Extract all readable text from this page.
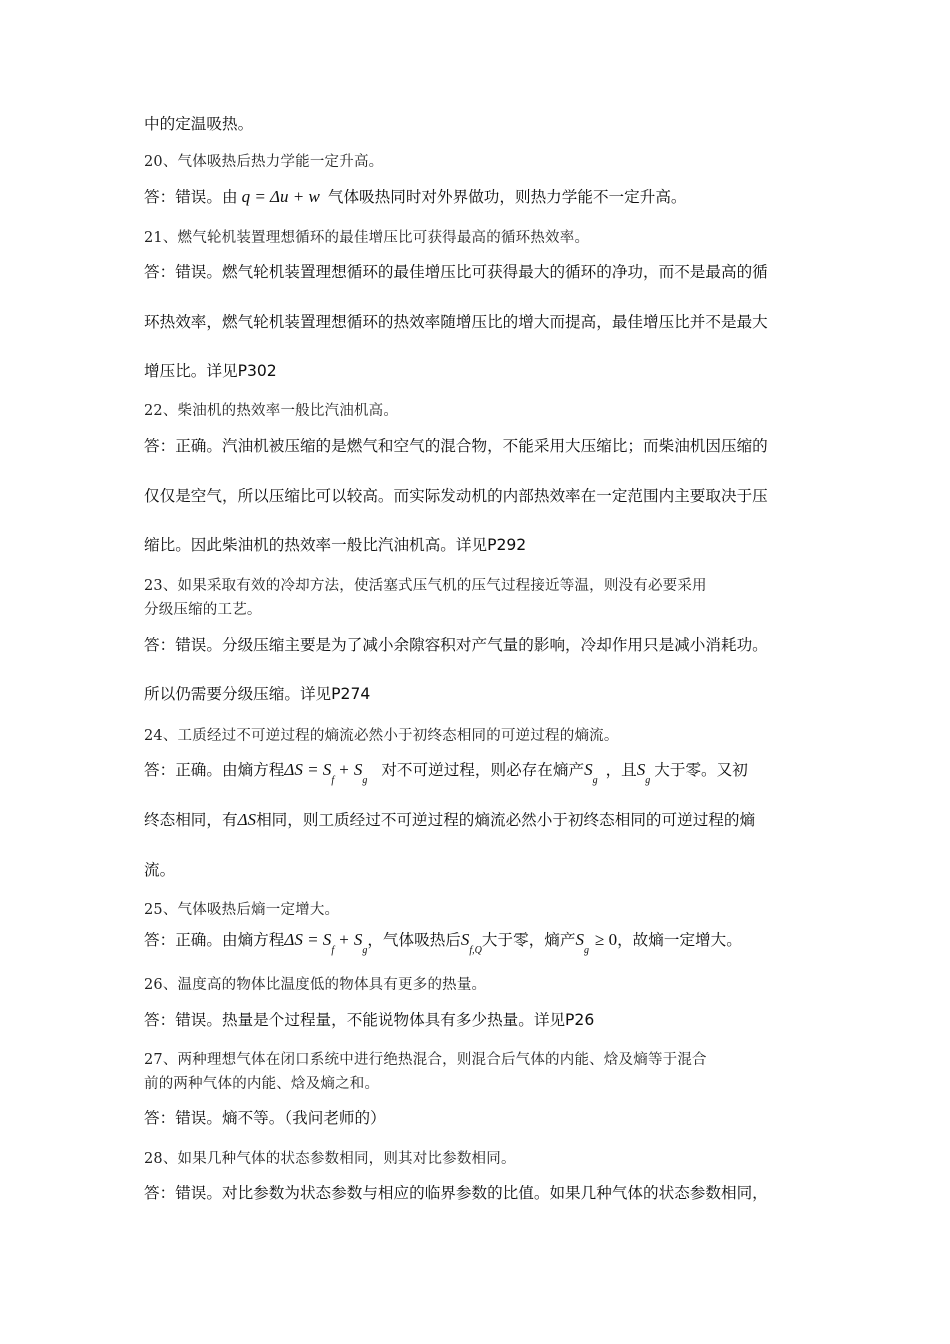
中的定温吸热。
20、气体吸热后热力学能一定升高。
答：错误。由 q = Δu + w 气体吸热同时对外界做功，则热力学能不一定升高。
21、燃气轮机装置理想循环的最佳增压比可获得最高的循环热效率。
答：错误。燃气轮机装置理想循环的最佳增压比可获得最大的循环的净功，而不是最高的循
环热效率，燃气轮机装置理想循环的热效率随增压比的增大而提高，最佳增压比并不是最大
增压比。详见P302
22、柴油机的热效率一般比汽油机高。
答：正确。汽油机被压缩的是燃气和空气的混合物，不能采用大压缩比；而柴油机因压缩的
仅仅是空气，所以压缩比可以较高。而实际发动机的内部热效率在一定范围内主要取决于压
缩比。因此柴油机的热效率一般比汽油机高。详见P292
23、如果采取有效的冷却方法，使活塞式压气机的压气过程接近等温，则没有必要采用
分级压缩的工艺。
答：错误。分级压缩主要是为了减小余隙容积对产气量的影响，冷却作用只是减小消耗功。
所以仍需要分级压缩。详见P274
24、工质经过不可逆过程的熵流必然小于初终态相同的可逆过程的熵流。
答：正确。由熵方程$\Delta S = S_f+ S_g$对不可逆过程，则必存在熵产$S_g$，且$S_g$大于零。又初
终态相同，有ΔS相同，则工质经过不可逆过程的熵流必然小于初终态相同的可逆过程的熵
流。
25、气体吸热后熵一定增大。
答：正确。由熵方程$\Delta S = S_f+ S_g$，气体吸热后$S_{f,Q}$大于零，熵产$S_g\ge 0$，故熵一定增大。
26、温度高的物体比温度低的物体具有更多的热量。
答：错误。热量是个过程量，不能说物体具有多少热量。详见P26
27、两种理想气体在闭口系统中进行绝热混合，则混合后气体的内能、焓及熵等于混合
前的两种气体的内能、焓及熵之和。
答：错误。熵不等。（我问老师的）
28、如果几种气体的状态参数相同，则其对比参数相同。
答：错误。对比参数为状态参数与相应的临界参数的比值。如果几种气体的状态参数相同，
